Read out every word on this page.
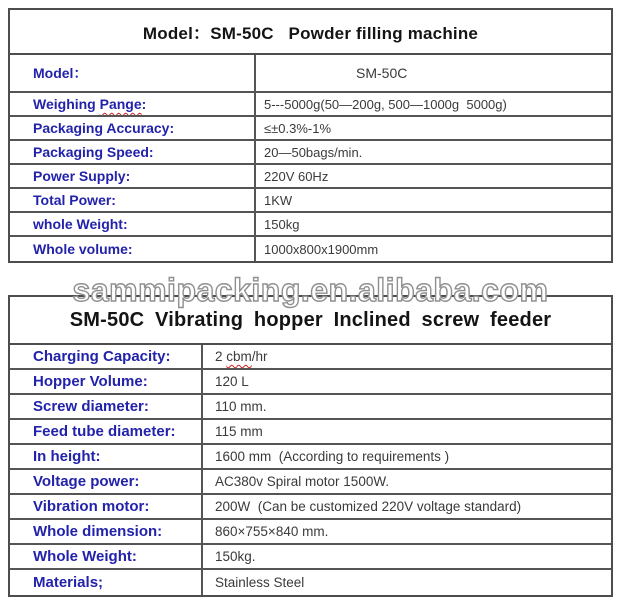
Model：SM-50C   Powder filling machine
Model：	SM-50C
Weighing Pange :	5---5000g(50—200g, 500—1000g  5000g)
Packaging Accuracy:	≤±0.3%-1%
Packaging Speed:	20—50bags/min.
Power Supply:	220V 60Hz
Total Power:	1KW
whole Weight:	150kg
Whole volume:	1000x800x1900mm
sammipacking.en.alibaba.com
SM-50C Vibrating hopper Inclined screw feeder
Charging Capacity:	2 cbm /hr
Hopper Volume:	120 L
Screw diameter:	110 mm.
Feed tube diameter:	115 mm
In height:	1600 mm  (According to requirements )
Voltage power:	AC380v Spiral motor 1500W.
Vibration motor:	200W  (Can be customized 220V voltage standard)
Whole dimension:	860×755×840 mm.
Whole Weight:	150kg.
Materials;	Stainless Steel
